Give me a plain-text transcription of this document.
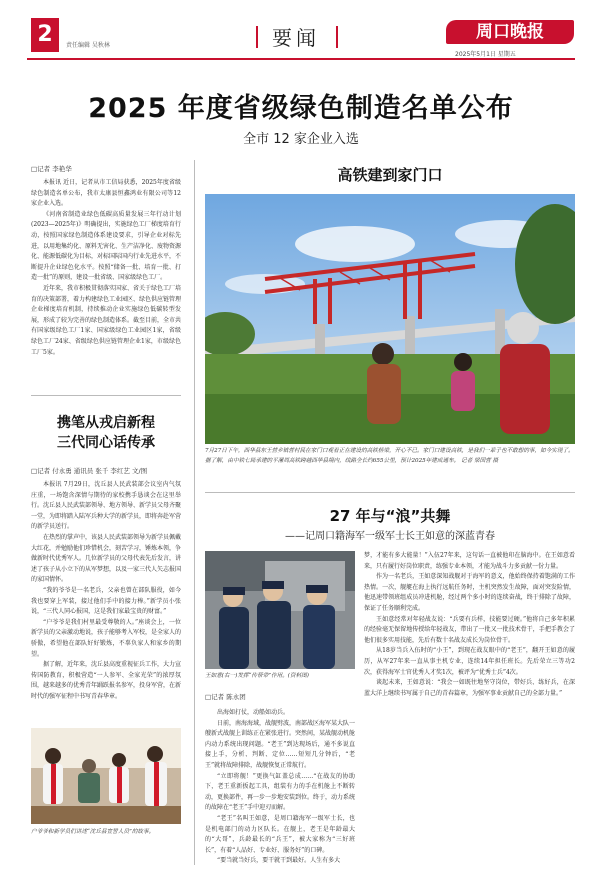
2	责任编辑 吴秋林	要闻	周口晚报
2025年5月1日 星期五
2025 年度省级绿色制造名单公布
全市 12 家企业入选
□记者 李艳华

本报讯 近日，记者从市工信局获悉，2025年度省级绿色制造名单公布，我市太康县恒鑫鸿业有限公司等12家企业入选。

《河南省制造业绿色低碳高质量发展三年行动计划(2023—2025年)》明确提出，实施绿色工厂梯度培育行动，按照国家绿色制造体系建设要求，引导企业对标先进，以用地集约化、原料无害化、生产洁净化、废物资源化、能源低碳化为目标，对标国际国内行业先进水平，不断提升企业绿色化水平。按照“储备一批、培育一批、打造一批”的原则，建设一批省级、国家级绿色工厂。

近年来，我市积极贯彻落实国家、省关于绿色工厂培育的决策部署，着力构建绿色工业园区、绿色供应链管理企业梯度培育机制，持续推动企业实施绿色低碳转型发展，形成了较为完善的绿色制造体系。截至目前，全市共有国家级绿色工厂1家、国家级绿色工业园区1家，省级绿色工厂24家、省级绿色供应链管理企业1家，市级绿色工厂5家。

携笔从戎启新程
三代同心话传承
□记者 付永勇 通讯员 张千 李红艺 文/图

本报讯 7月29日，沈丘县人民武装部会议室内气氛庄重，一场饱含深情与期待的家校携手恳谈会在这里举行。沈丘县人民武装部领导、地方领导、新学员父母齐聚一堂，为即将踏入陆军兵种大学的新学员，即将奔赴军营的新学员送行。

在热烈的掌声中，该县人民武装部领导为新学员佩戴大红花，并勉励他们珍惜机会，刻苦学习，锤炼本领，争做新时代优秀军人。几位新学员的父母代表先后发言，讲述了孩子从小立下的从军梦想，以及一家三代人矢志报国的家国情怀。

“我的爷爷是一名老兵，父亲也曾在部队服役，如今我也要穿上军装，接过他们手中的接力棒。”新学员小张说，“三代人同心报国，这是我们家最宝贵的财富。”

“户爷爷是我们村里最受尊敬的人。”座谈会上，一位新学员的父亲激动地说，孩子能够考入军校，是全家人的骄傲，希望他在部队好好锻炼，不辜负家人和家乡的期望。

据了解，近年来，沈丘县高度重视征兵工作，大力宣传国防教育，积极营造“一人参军、全家光荣”的浓厚氛围，越来越多的优秀青年踊跃报名参军，投身军营，在新时代的强军征程中书写青春华章。

户爷爷和新学员们讲述“沈丘县宣誓人员”的故事。
高铁建到家门口
7月27日下午，西华县东王营乡镇营村民在家门口观看正在建设的高铁桥梁，开心不已。家门口建设高铁，是我们一辈子也不敢想的事，如今实现了。据了解，由中铁七局承建的平漯周高铁跨越西华县境内，线路全长约655公里，预计2025年建成通车。 记者 梁国营 摄
27 年与“浪”共舞
——记周口籍海军一级军士长王如意的深蓝青春
王如意(右一)发挥“传帮带”作用。(资料图)
□记者 陈永团

出海如打仗，动船如动兵。

日前，南海海域，战舰劈波，南部战区海军某大队一艘新式战舰上训练正在紧张进行。突然间，某战舰动机舱内动力系统出现问题。“老王”到达现场后，通不多说直接上手，分析、判断、定位……短短几分钟后，“老王”就将故障排除，战舰恢复正常航行。

“立即将舰！”更换气缸盖总成……“在战友的协助下，老王重新扳起工具，组装有力的手在机舱上不断转动，更换部件，再一步一步地安装到位。终于，动力系统的故障在“老王”手中迎刃而解。

“老王”名叫王如意，是周口籍海军一级军士长，也是机电部门的动力区队长。在舰上，老王是年龄最大的“大哥”，兵龄最长的“兵王”，被大家称为“三好班长”，有着“人品好、专业好、服务好”的口碑。

“要当就当好兵，要干就干到最好。人生有多大

梦，才能有多大能量！”入伍27年来，这句话一直被他印在脑海中。在王如意看来，只有履行好岗位职责，练强专业本领，才能为战斗力多贡献一份力量。

作为一名老兵，王如意深知战舰对于海军的意义，他始终保持着饱满的工作热情。一次，舰艇在海上执行远航任务时，主机突然发生故障，面对突发险情，他迅速带领班组成员冲进机舱，经过两个多小时的连续奋战，终于排除了故障，保证了任务顺利完成。

王如意经常对年轻战友说：“兵要有兵样，技能要过硬。”他将自己多年积累的经验毫无保留地传授给年轻战友，带出了一批又一批技术骨干，手把手教会了他们很多实用技能，先后有数十名战友成长为岗位骨干。

从18岁当兵入伍时的“小王”，到现在战友眼中的“老王”，翻开王如意的履历，从军27年来一直从事主机专业，连续14年担任班长。先后荣立三等功2次，获得海军士官优秀人才奖1次，被评为“优秀士兵”4次。

谈起未来，王如意说：“我会一如既往地坚守岗位，带好兵、练好兵，在深蓝大洋上继续书写属于自己的青春篇章，为强军事业贡献自己的全部力量。”
